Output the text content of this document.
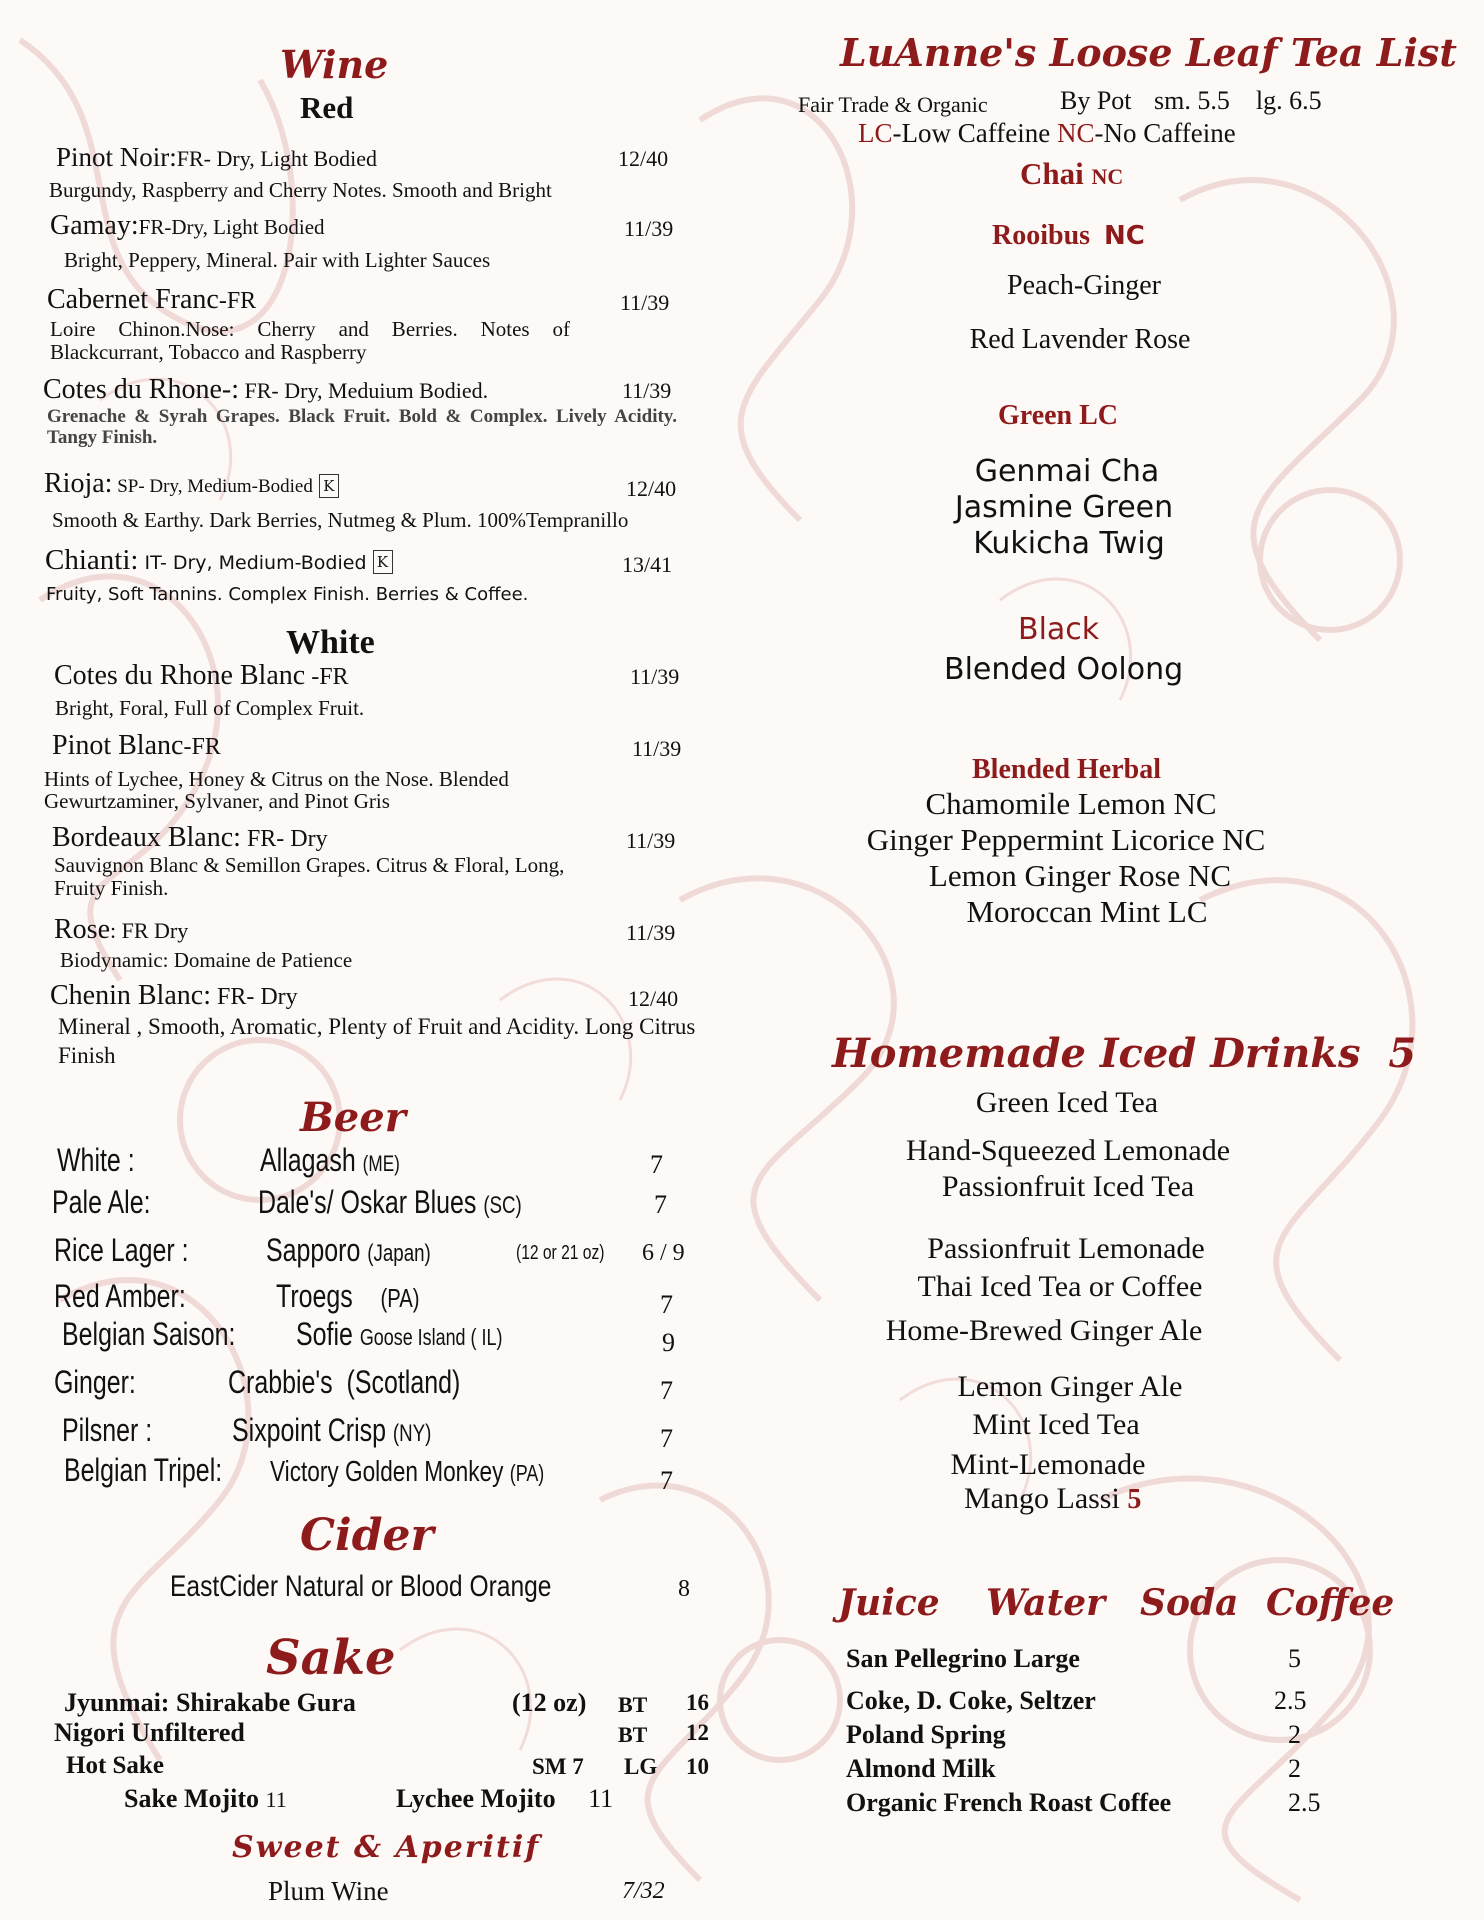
Wine
Red
Pinot Noir:FR- Dry, Light Bodied	12/40
Burgundy, Raspberry and Cherry Notes. Smooth and Bright
Gamay:FR-Dry, Light Bodied	11/39
Bright, Peppery, Mineral. Pair with Lighter Sauces
Cabernet Franc-FR	11/39
Loire Chinon.Nose: Cherry and Berries. Notes of Blackcurrant, Tobacco and Raspberry
Cotes du Rhone-: FR- Dry, Meduium Bodied.	11/39
Grenache & Syrah Grapes. Black Fruit. Bold & Complex. Lively Acidity. Tangy Finish.
Rioja: SP- Dry, Medium-Bodied K	12/40
Smooth & Earthy. Dark Berries, Nutmeg & Plum. 100%Tempranillo
Chianti: IT- Dry, Medium-Bodied K	13/41
Fruity, Soft Tannins. Complex Finish. Berries & Coffee.
White
Cotes du Rhone Blanc -FR	11/39
Bright, Foral, Full of Complex Fruit.
Pinot Blanc-FR	11/39
Hints of Lychee, Honey & Citrus on the Nose. Blended Gewurtzaminer, Sylvaner, and Pinot Gris
Bordeaux Blanc: FR- Dry	11/39
Sauvignon Blanc & Semillon Grapes. Citrus & Floral, Long, Fruity Finish.
Rose: FR Dry	11/39
Biodynamic: Domaine de Patience
Chenin Blanc: FR- Dry	12/40
Mineral , Smooth, Aromatic, Plenty of Fruit and Acidity. Long Citrus Finish
Beer
White :	Allagash (ME)	7
Pale Ale:	Dale's/ Oskar Blues (SC)	7
Rice Lager : Sapporo (Japan)	(12 or 21 oz) 6 / 9
Red Amber:	Troegs (PA)	7
Belgian Saison: Sofie Goose Island ( IL)	9
Ginger:	Crabbie's (Scotland)	7
Pilsner : Sixpoint Crisp (NY)	7
Belgian Tripel: Victory Golden Monkey (PA)	7
Cider
EastCider Natural or Blood Orange	8
Sake
Jyunmai: Shirakabe Gura	(12 oz) BT 16
Nigori Unfiltered	BT 12
Hot Sake	SM 7 LG 10
Sake Mojito 11	Lychee Mojito 11
Sweet & Aperitif
Plum Wine	7/32
LuAnne's Loose Leaf Tea List
Fair Trade & Organic	By Pot sm. 5.5    lg. 6.5
LC-Low Caffeine NC-No Caffeine
Chai NC
Rooibus NC
Peach-Ginger
Red Lavender Rose
Green LC
Genmai Cha
Jasmine Green
Kukicha Twig
Black
Blended Oolong
Blended Herbal
Chamomile Lemon NC
Ginger Peppermint Licorice NC
Lemon Ginger Rose NC
Moroccan Mint LC
Homemade Iced Drinks 5
Green Iced Tea
Hand-Squeezed Lemonade
Passionfruit Iced Tea
Passionfruit Lemonade
Thai Iced Tea or Coffee
Home-Brewed Ginger Ale
Lemon Ginger Ale
Mint Iced Tea
Mint-Lemonade
Mango Lassi 5
Juice Water Soda Coffee
San Pellegrino Large	5
Coke, D. Coke, Seltzer	2.5
Poland Spring	2
Almond Milk	2
Organic French Roast Coffee	2.5
